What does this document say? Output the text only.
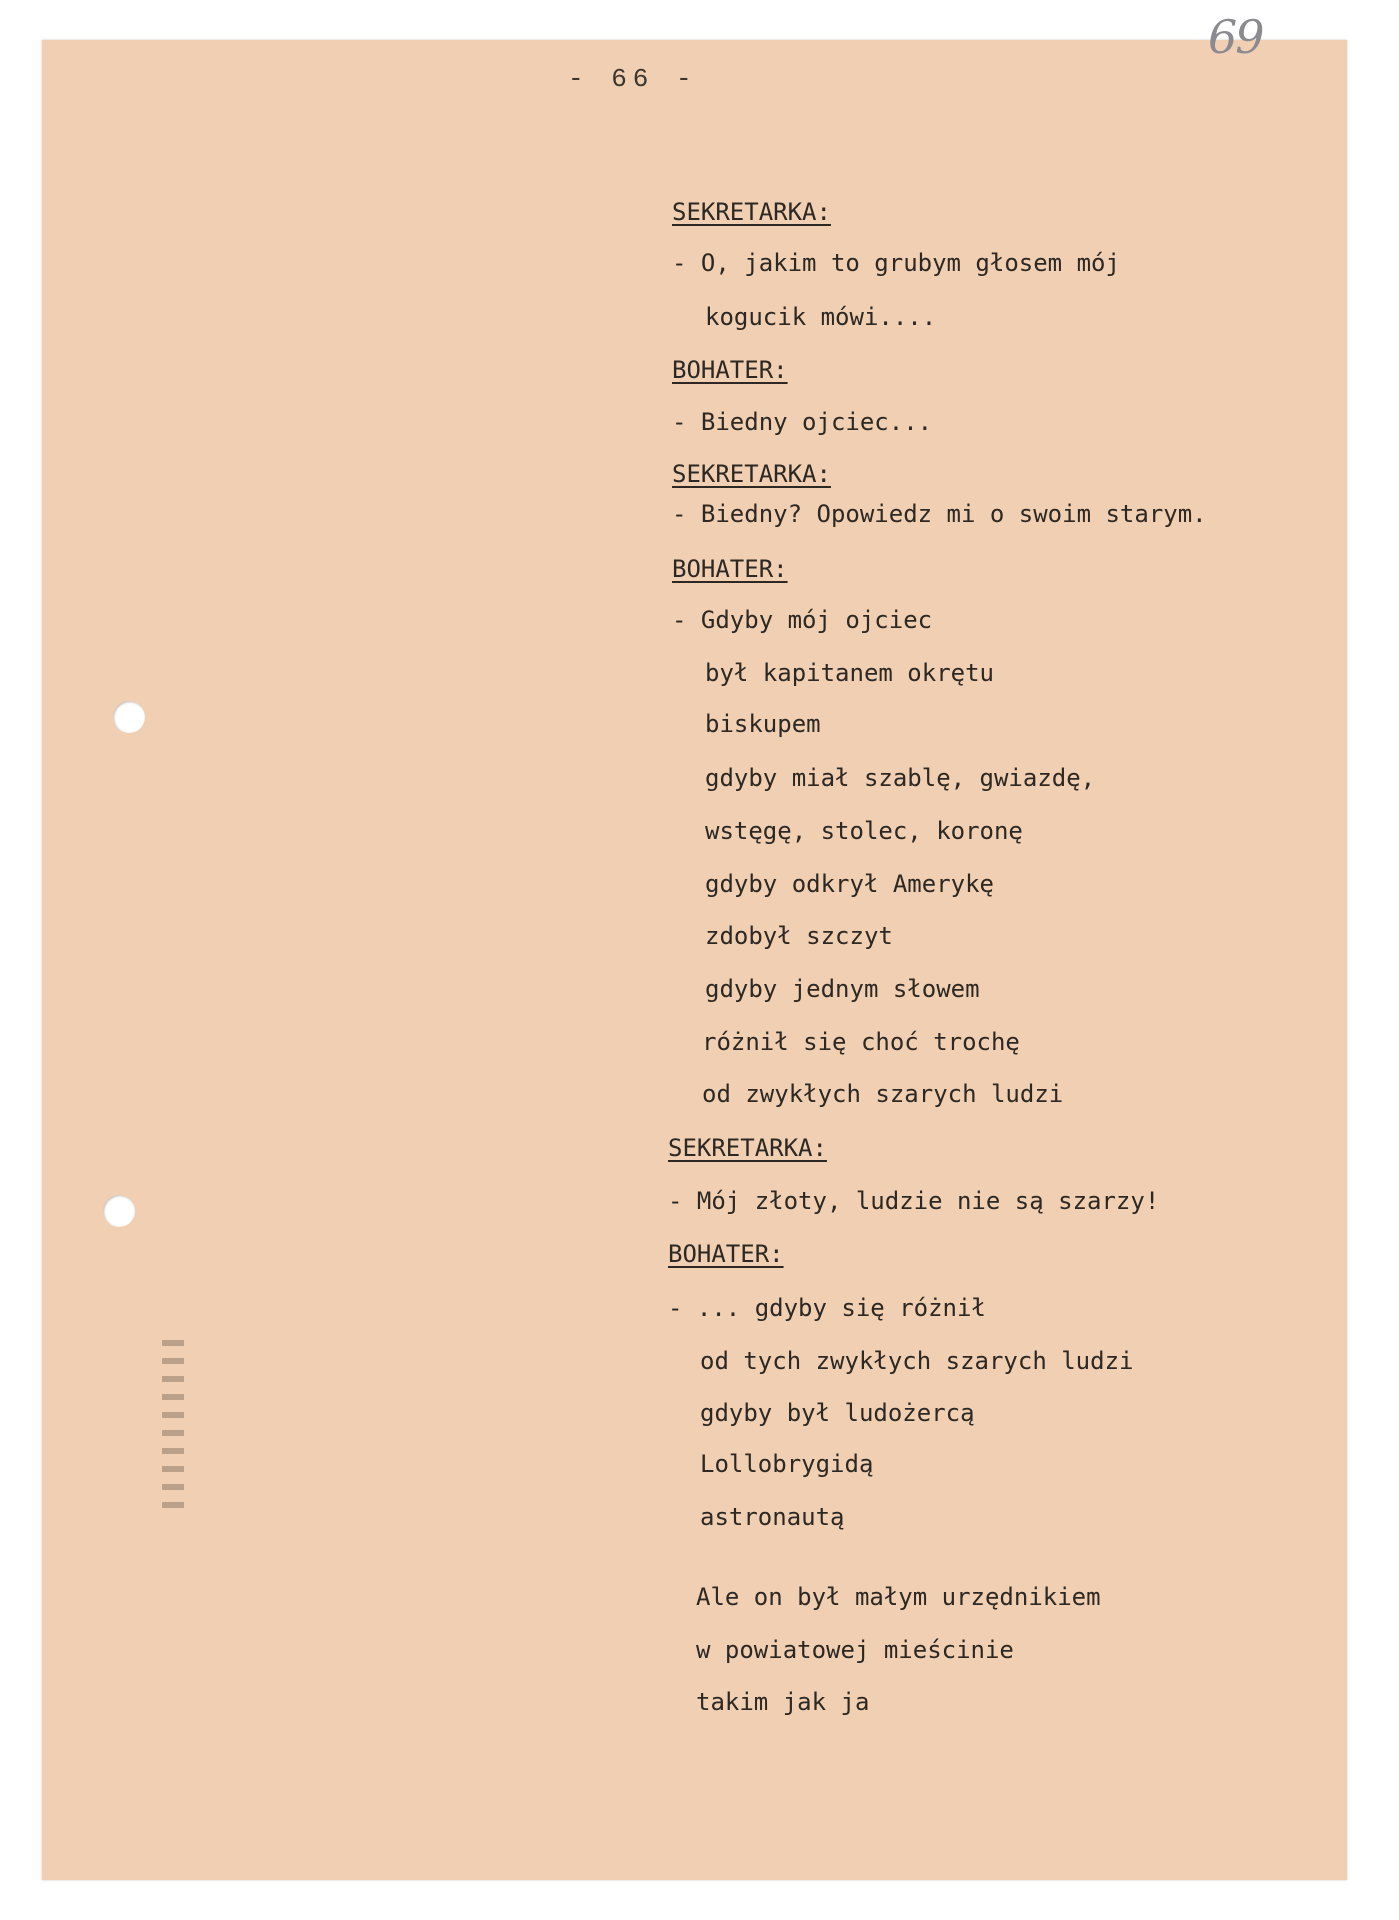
69
- 66 -
SEKRETARKA:
- O, jakim to grubym głosem mój
kogucik mówi....
BOHATER:
- Biedny ojciec...
SEKRETARKA:
- Biedny? Opowiedz mi o swoim starym.
BOHATER:
- Gdyby mój ojciec
był kapitanem okrętu
biskupem
gdyby miał szablę, gwiazdę,
wstęgę, stolec, koronę
gdyby odkrył Amerykę
zdobył szczyt
gdyby jednym słowem
różnił się choć trochę
od zwykłych szarych ludzi
SEKRETARKA:
- Mój złoty, ludzie nie są szarzy!
BOHATER:
- ... gdyby się różnił
od tych zwykłych szarych ludzi
gdyby był ludożercą
Lollobrygidą
astronautą
Ale on był małym urzędnikiem
w powiatowej mieścinie
takim jak ja
